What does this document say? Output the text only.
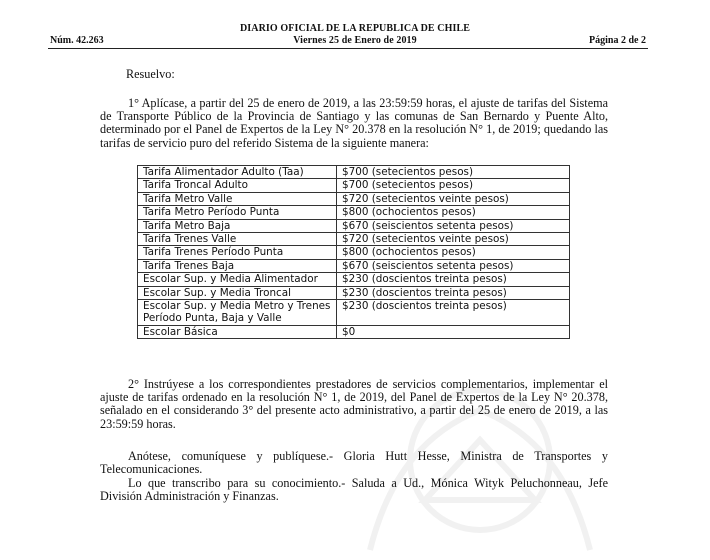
DIARIO OFICIAL DE LA REPUBLICA DE CHILE
Viernes 25 de Enero de 2019
Núm. 42.263	Página 2 de 2
Resuelvo:
1° Aplícase, a partir del 25 de enero de 2019, a las 23:59:59 horas, el ajuste de tarifas del Sistema de Transporte Público de la Provincia de Santiago y las comunas de San Bernardo y Puente Alto, determinado por el Panel de Expertos de la Ley N° 20.378 en la resolución N° 1, de 2019; quedando las tarifas de servicio puro del referido Sistema de la siguiente manera:
Tarifa Alimentador Adulto (Taa)	$700 (setecientos pesos)
Tarifa Troncal Adulto	$700 (setecientos pesos)
Tarifa Metro Valle	$720 (setecientos veinte pesos)
Tarifa Metro Período Punta	$800 (ochocientos pesos)
Tarifa Metro Baja	$670 (seiscientos setenta pesos)
Tarifa Trenes Valle	$720 (setecientos veinte pesos)
Tarifa Trenes Período Punta	$800 (ochocientos pesos)
Tarifa Trenes Baja	$670 (seiscientos setenta pesos)
Escolar Sup. y Media Alimentador	$230 (doscientos treinta pesos)
Escolar Sup. y Media Troncal	$230 (doscientos treinta pesos)
Escolar Sup. y Media Metro y Trenes Período Punta, Baja y Valle	$230 (doscientos treinta pesos)
Escolar Básica	$0
2° Instrúyese a los correspondientes prestadores de servicios complementarios, implementar el ajuste de tarifas ordenado en la resolución N° 1, de 2019, del Panel de Expertos de la Ley N° 20.378, señalado en el considerando 3° del presente acto administrativo, a partir del 25 de enero de 2019, a las 23:59:59 horas.
Anótese, comuníquese y publíquese.- Gloria Hutt Hesse, Ministra de Transportes y Telecomunicaciones.
Lo que transcribo para su conocimiento.- Saluda a Ud., Mónica Wityk Peluchonneau, Jefe División Administración y Finanzas.
